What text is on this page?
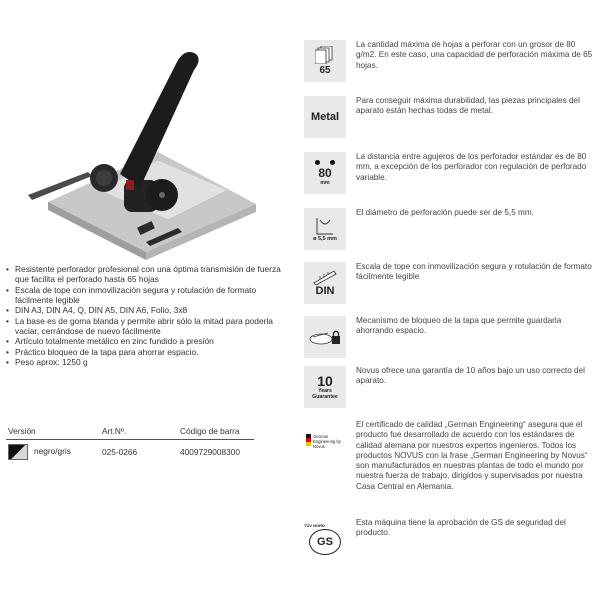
• Resistente perforador profesional con una óptima transmisión de fuerza que facilita el perforado hasta 65 hojas
• Escala de tope con inmovilización segura y rotulación de formato fácilmente legible
• DIN A3, DIN A4, Q, DIN A5, DIN A6, Folio, 3x8
• La base es de goma blanda y permite abrir sólo la mitad para poderla vaciar, cerrándose de nuevo fácilmente
• Artículo totalmente metálico en zinc fundido a presión
• Práctico bloqueo de la tapa para ahorrar espacio.
• Peso aprox: 1250 g
Versión	Art.Nº.	Código de barra
negro/gris	025-0266	4009729008300
65

La cantidad máxima de hojas a perforar con un grosor de 80 g/m2. En este caso, una capacidad de perforación máxima de 65 hojas.

Metal

Para conseguir máxima durabilidad, las piezas principales del aparato están hechas todas de metal.

80
mm

La distancia entre agujeros de los perforador estándar es de 80 mm, a excepción de los perforador con regulación de perforado variable.

ø 5,5 mm

El diámetro de perforación puede ser de 5,5 mm.

DIN

Escala de tope con inmovilización segura y rotulación de formato fácilmente legible

Mecanismo de bloqueo de la tapa que permite guardarla ahorrando espacio.

10
Years Guarantee

Novus ofrece una garantía de 10 años bajo un uso correcto del aparato.

German Engineering by Novus

El certificado de calidad „German Engineering“ asegura que el producto fue desarrollado de acuerdo con los estándares de calidad alemana por nuestros expertos ingenieros. Todos los productos NOVUS con la frase „German Engineering by Novus“ son manufacturados en nuestras plantas de todo el mundo por nuestra fuerza de trabajo, dirigidos y supervisados por nuestra Casa Central en Alemania.

TÜV NORD
GS

Esta máquina tiene la aprobación de GS de seguridad del producto.
